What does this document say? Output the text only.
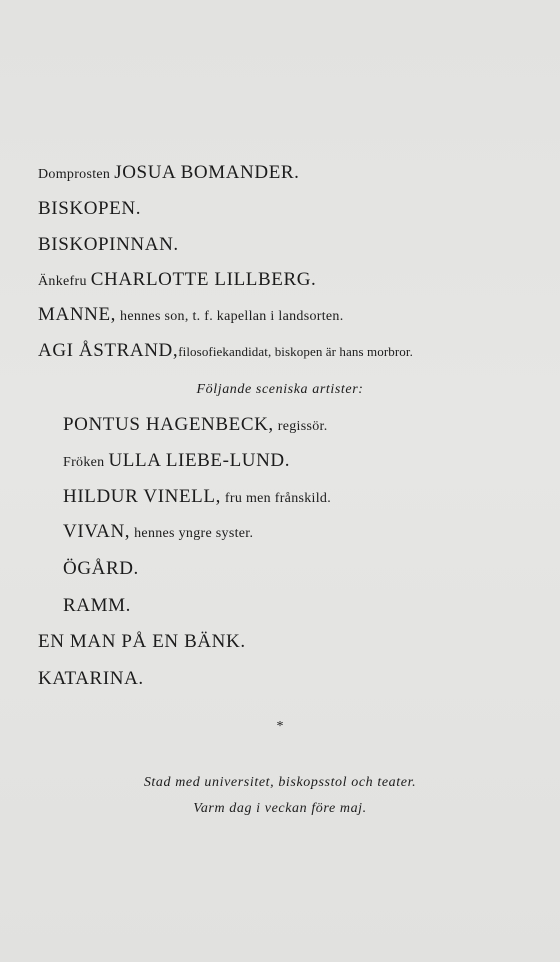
Domprosten JOSUA BOMANDER.
BISKOPEN.
BISKOPINNAN.
Änkefru CHARLOTTE LILLBERG.
MANNE, hennes son, t. f. kapellan i landsorten.
AGI ÅSTRAND,filosofiekandidat, biskopen är hans morbror.
Följande sceniska artister:
PONTUS HAGENBECK, regissör.
Fröken ULLA LIEBE-LUND.
HILDUR VINELL, fru men frånskild.
VIVAN, hennes yngre syster.
ÖGÅRD.
RAMM.
EN MAN PÅ EN BÄNK.
KATARINA.
*
Stad med universitet, biskopsstol och teater.
Varm dag i veckan före maj.
